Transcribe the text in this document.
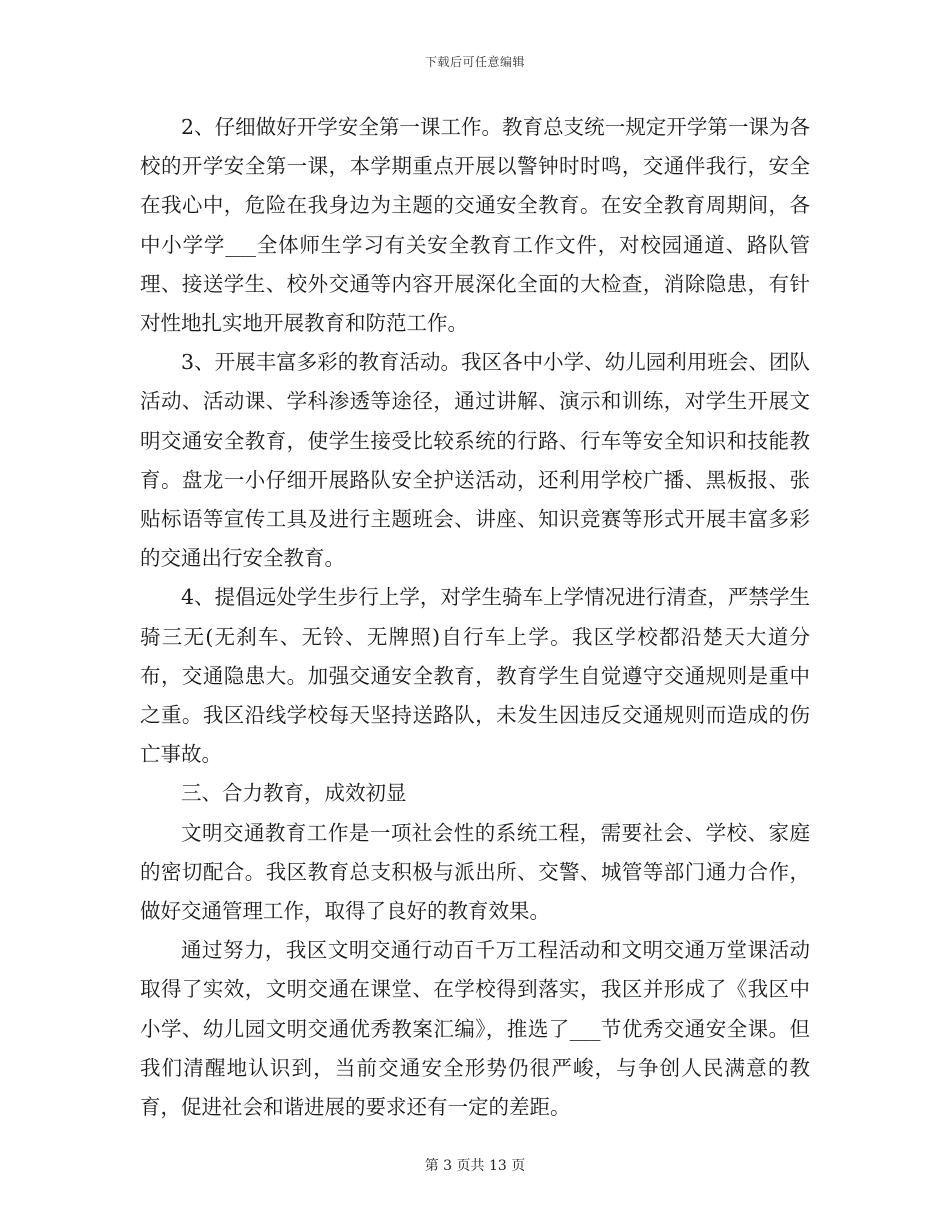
下载后可任意编辑

2、仔细做好开学安全第一课工作。教育总支统一规定开学第一课为各校的开学安全第一课，本学期重点开展以警钟时时鸣，交通伴我行，安全在我心中，危险在我身边为主题的交通安全教育。在安全教育周期间，各中小学学___全体师生学习有关安全教育工作文件，对校园通道、路队管理、接送学生、校外交通等内容开展深化全面的大检查，消除隐患，有针对性地扎实地开展教育和防范工作。

3、开展丰富多彩的教育活动。我区各中小学、幼儿园利用班会、团队活动、活动课、学科渗透等途径，通过讲解、演示和训练，对学生开展文明交通安全教育，使学生接受比较系统的行路、行车等安全知识和技能教育。盘龙一小仔细开展路队安全护送活动，还利用学校广播、黑板报、张贴标语等宣传工具及进行主题班会、讲座、知识竞赛等形式开展丰富多彩的交通出行安全教育。

4、提倡远处学生步行上学，对学生骑车上学情况进行清查，严禁学生骑三无(无刹车、无铃、无牌照)自行车上学。我区学校都沿楚天大道分布，交通隐患大。加强交通安全教育，教育学生自觉遵守交通规则是重中之重。我区沿线学校每天坚持送路队，未发生因违反交通规则而造成的伤亡事故。

三、合力教育，成效初显

文明交通教育工作是一项社会性的系统工程，需要社会、学校、家庭的密切配合。我区教育总支积极与派出所、交警、城管等部门通力合作，做好交通管理工作，取得了良好的教育效果。

通过努力，我区文明交通行动百千万工程活动和文明交通万堂课活动取得了实效，文明交通在课堂、在学校得到落实，我区并形成了《我区中小学、幼儿园文明交通优秀教案汇编》，推选了___节优秀交通安全课。但我们清醒地认识到，当前交通安全形势仍很严峻，与争创人民满意的教育，促进社会和谐进展的要求还有一定的差距。

第 3 页共 13 页
